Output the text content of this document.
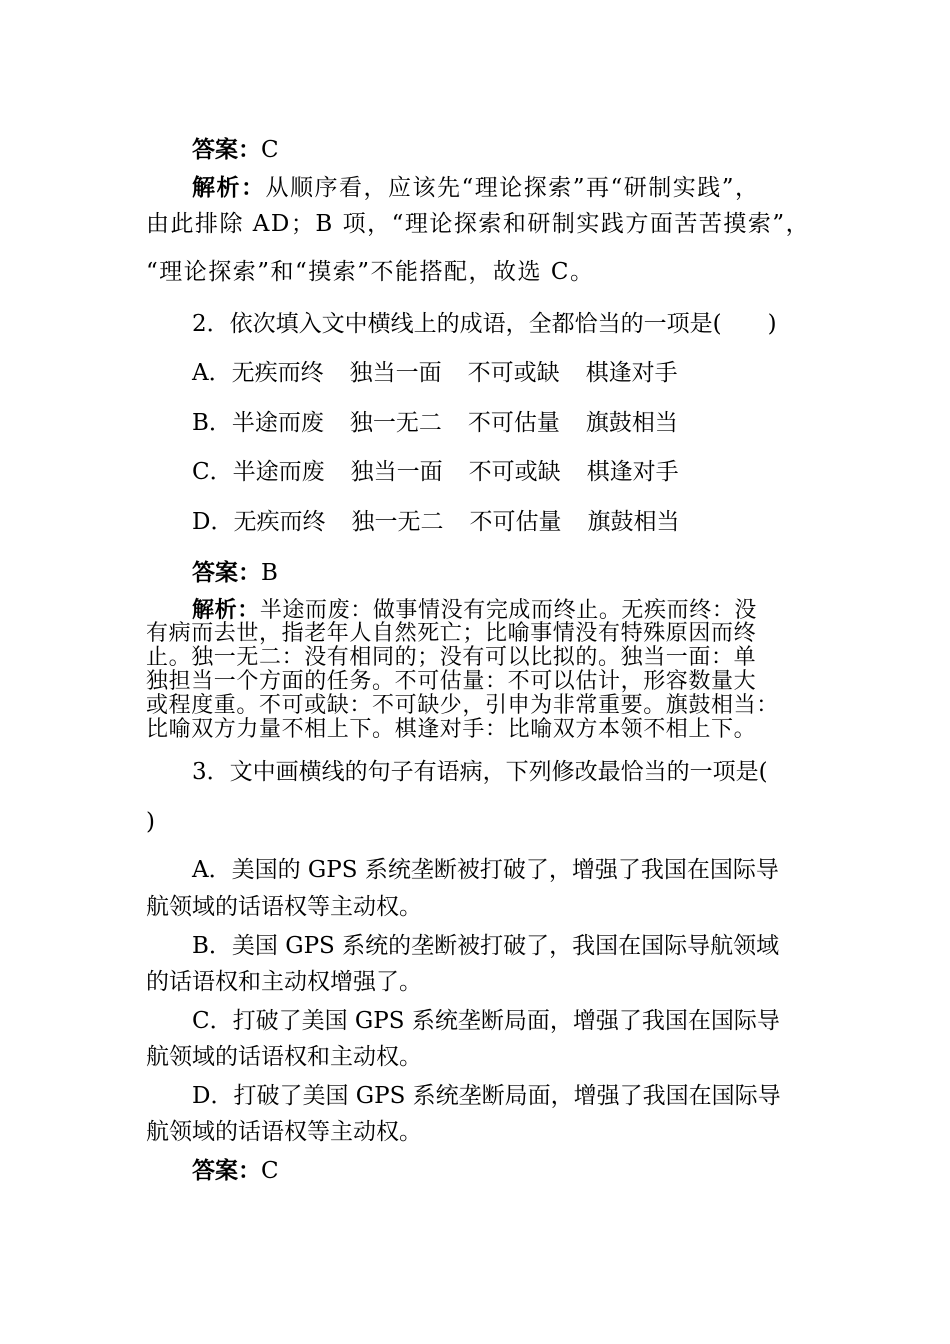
答案：C
解析：从顺序看，应该先“理论探索”再“研制实践”，
由此排除 AD；B 项，“理论探索和研制实践方面苦苦摸索”，
“理论探索”和“摸索”不能搭配，故选 C。
2．依次填入文中横线上的成语，全都恰当的一项是(　　)
A．无疾而终 独当一面 不可或缺 棋逢对手
B．半途而废 独一无二 不可估量 旗鼓相当
C．半途而废 独当一面 不可或缺 棋逢对手
D．无疾而终 独一无二 不可估量 旗鼓相当
答案：B
解析：半途而废：做事情没有完成而终止。无疾而终：没
有病而去世，指老年人自然死亡；比喻事情没有特殊原因而终
止。独一无二：没有相同的；没有可以比拟的。独当一面：单
独担当一个方面的任务。不可估量：不可以估计，形容数量大
或程度重。不可或缺：不可缺少，引申为非常重要。旗鼓相当：
比喻双方力量不相上下。棋逢对手：比喻双方本领不相上下。
3．文中画横线的句子有语病，下列修改最恰当的一项是(
)
A．美国的 GPS 系统垄断被打破了，增强了我国在国际导
航领域的话语权等主动权。
B．美国 GPS 系统的垄断被打破了，我国在国际导航领域
的话语权和主动权增强了。
C．打破了美国 GPS 系统垄断局面，增强了我国在国际导
航领域的话语权和主动权。
D．打破了美国 GPS 系统垄断局面，增强了我国在国际导
航领域的话语权等主动权。
答案：C
